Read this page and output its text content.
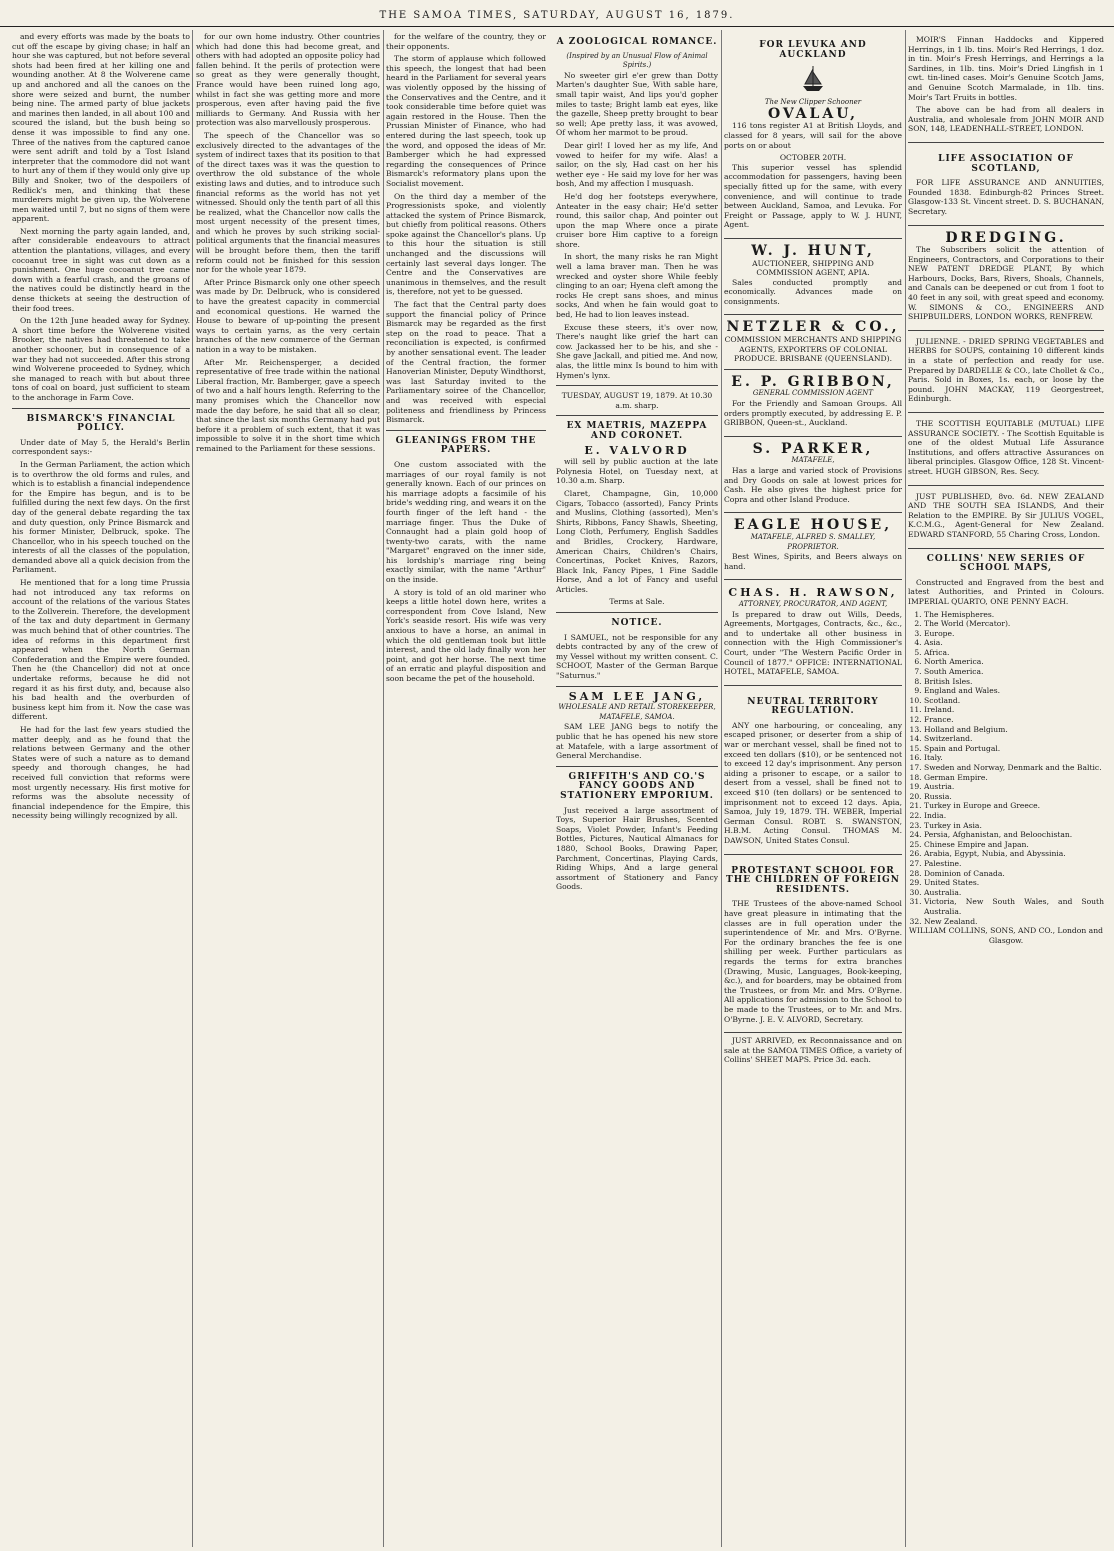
THE SAMOA TIMES, SATURDAY, AUGUST 16, 1879.

and every efforts was made by the boats to cut off the escape by giving chase; in half an hour she was captured, but not before several shots had been fired at her killing one and wounding another. At 8 the Wolverene came up and anchored and all the canoes on the shore were seized and burnt, the number being nine. The armed party of blue jackets and marines then landed, in all about 100 and scoured the island, but the bush being so dense it was impossible to find any one. Three of the natives from the captured canoe were sent adrift and told by a Tost Island interpreter that the commodore did not want to hurt any of them if they would only give up Billy and Snoker, two of the despoilers of Redlick's men, and thinking that these murderers might be given up, the Wolverene men waited until 7, but no signs of them were apparent.

Next morning the party again landed, and, after considerable endeavours to attract attention the plantations, villages, and every cocoanut tree in sight was cut down as a punishment. One huge cocoanut tree came down with a fearful crash, and the groans of the natives could be distinctly heard in the dense thickets at seeing the destruction of their food trees.

On the 12th June headed away for Sydney. A short time before the Wolverene visited Brooker, the natives had threatened to take another schooner, but in consequence of a war they had not succeeded. After this strong wind Wolverene proceeded to Sydney, which she managed to reach with but about three tons of coal on board, just sufficient to steam to the anchorage in Farm Cove.

BISMARCK'S FINANCIAL POLICY.

Under date of May 5, the Herald's Berlin correspondent says:-

In the German Parliament, the action which is to overthrow the old forms and rules, and which is to establish a financial independence for the Empire has begun, and is to be fulfilled during the next few days. On the first day of the general debate regarding the tax and duty question, only Prince Bismarck and his former Minister, Delbruck, spoke. The Chancellor, who in his speech touched on the interests of all the classes of the population, demanded above all a quick decision from the Parliament.

He mentioned that for a long time Prussia had not introduced any tax reforms on account of the relations of the various States to the Zollverein. Therefore, the development of the tax and duty department in Germany was much behind that of other countries. The idea of reforms in this department first appeared when the North German Confederation and the Empire were founded. Then he (the Chancellor) did not at once undertake reforms, because he did not regard it as his first duty, and, because also his bad health and the overburden of business kept him from it. Now the case was different.

He had for the last few years studied the matter deeply, and as he found that the relations between Germany and the other States were of such a nature as to demand speedy and thorough changes, he had received full conviction that reforms were most urgently necessary. His first motive for reforms was the absolute necessity of financial independence for the Empire, this necessity being willingly recognized by all.

for our own home industry. Other countries which had done this had become great, and others with had adopted an opposite policy had fallen behind. It the perils of protection were so great as they were generally thought, France would have been ruined long ago, whilst in fact she was getting more and more prosperous, even after having paid the five milliards to Germany. And Russia with her protection was also marvellously prosperous.

The speech of the Chancellor was so exclusively directed to the advantages of the system of indirect taxes that its position to that of the direct taxes was it was the question to overthrow the old substance of the whole existing laws and duties, and to introduce such financial reforms as the world has not yet witnessed. Should only the tenth part of all this be realized, what the Chancellor now calls the most urgent necessity of the present times, and which he proves by such striking social-political arguments that the financial measures will be brought before them, then the tariff reform could not be finished for this session nor for the whole year 1879.

After Prince Bismarck only one other speech was made by Dr. Delbruck, who is considered to have the greatest capacity in commercial and economical questions. He warned the House to beware of up-pointing the present ways to certain yarns, as the very certain branches of the new commerce of the German nation in a way to be mistaken.

After Mr. Reichensperger, a decided representative of free trade within the national Liberal fraction, Mr. Bamberger, gave a speech of two and a half hours length. Referring to the many promises which the Chancellor now made the day before, he said that all so clear, that since the last six months Germany had put before it a problem of such extent, that it was impossible to solve it in the short time which remained to the Parliament for these sessions.

for the welfare of the country, they or their opponents.

The storm of applause which followed this speech, the longest that had been heard in the Parliament for several years was violently opposed by the hissing of the Conservatives and the Centre, and it took considerable time before quiet was again restored in the House. Then the Prussian Minister of Finance, who had entered during the last speech, took up the word, and opposed the ideas of Mr. Bamberger which he had expressed regarding the consequences of Prince Bismarck's reformatory plans upon the Socialist movement.

On the third day a member of the Progressionists spoke, and violently attacked the system of Prince Bismarck, but chiefly from political reasons. Others spoke against the Chancellor's plans. Up to this hour the situation is still unchanged and the discussions will certainly last several days longer. The Centre and the Conservatives are unanimous in themselves, and the result is, therefore, not yet to be guessed.

The fact that the Central party does support the financial policy of Prince Bismarck may be regarded as the first step on the road to peace. That a reconciliation is expected, is confirmed by another sensational event. The leader of the Central fraction, the former Hanoverian Minister, Deputy Windthorst, was last Saturday invited to the Parliamentary soiree of the Chancellor, and was received with especial politeness and friendliness by Princess Bismarck.

GLEANINGS FROM THE PAPERS.

One custom associated with the marriages of our royal family is not generally known. Each of our princes on his marriage adopts a facsimile of his bride's wedding ring, and wears it on the fourth finger of the left hand - the marriage finger. Thus the Duke of Connaught had a plain gold hoop of twenty-two carats, with the name "Margaret" engraved on the inner side, his lordship's marriage ring being exactly similar, with the name "Arthur" on the inside.

A story is told of an old mariner who keeps a little hotel down here, writes a correspondent from Cove Island, New York's seaside resort. His wife was very anxious to have a horse, an animal in which the old gentleman took but little interest, and the old lady finally won her point, and got her horse. The next time of an erratic and playful disposition and soon became the pet of the household.

A ZOOLOGICAL ROMANCE.
(Inspired by an Unusual Flow of Animal Spirits.)

No sweeter girl e'er grew than Dotty Marten's daughter Sue, With sable hare, small tapir waist, And lips you'd gopher miles to taste; Bright lamb eat eyes, like the gazelle, Sheep pretty brought to bear so well; Ape pretty lass, it was avowed, Of whom her marmot to be proud.

Dear girl! I loved her as my life, And vowed to heifer for my wife. Alas! a sailor, on the sly, Had cast on her his wether eye - He said my love for her was bosh, And my affection I musquash.

He'd dog her footsteps everywhere, Anteater in the easy chair; He'd setter round, this sailor chap, And pointer out upon the map Where once a pirate cruiser bore Him captive to a foreign shore.

In short, the many risks he ran Might well a lama braver man. Then he was wrecked and oyster shore While feebly clinging to an oar; Hyena cleft among the rocks He crept sans shoes, and minus socks, And when he fain would goat to bed, He had to lion leaves instead.

Excuse these steers, it's over now, There's naught like grief the hart can cow. Jackassed her to be his, and she - She gave Jackall, and pitied me. And now, alas, the little minx Is bound to him with Hymen's lynx.

TUESDAY, AUGUST 19, 1879. At 10.30 a.m. sharp.
EX MAETRIS, MAZEPPA AND CORONET.
E. VALVORD

will sell by public auction at the late Polynesia Hotel, on Tuesday next, at 10.30 a.m. Sharp.

Claret, Champagne, Gin, 10,000 Cigars, Tobacco (assorted), Fancy Prints and Muslins, Clothing (assorted), Men's Shirts, Ribbons, Fancy Shawls, Sheeting, Long Cloth, Perfumery, English Saddles and Bridles, Crockery, Hardware, American Chairs, Children's Chairs, Concertinas, Pocket Knives, Razors, Black Ink, Fancy Pipes, 1 Fine Saddle Horse, And a lot of Fancy and useful Articles.

Terms at Sale.
NOTICE.

I SAMUEL, not be responsible for any debts contracted by any of the crew of my Vessel without my written consent. C. SCHOOT, Master of the German Barque "Saturnus."

SAM LEE JANG,
WHOLESALE AND RETAIL STOREKEEPER, MATAFELE, SAMOA.

SAM LEE JANG begs to notify the public that he has opened his new store at Matafele, with a large assortment of General Merchandise.

GRIFFITH'S AND CO.'S FANCY GOODS AND STATIONERY EMPORIUM.

Just received a large assortment of Toys, Superior Hair Brushes, Scented Soaps, Violet Powder, Infant's Feeding Bottles, Pictures, Nautical Almanacs for 1880, School Books, Drawing Paper, Parchment, Concertinas, Playing Cards, Riding Whips, And a large general assortment of Stationery and Fancy Goods.

FOR LEVUKA AND AUCKLAND
The New Clipper Schooner
OVALAU,

116 tons register A1 at British Lloyds, and classed for 8 years, will sail for the above ports on or about

OCTOBER 20TH.

This superior vessel has splendid accommodation for passengers, having been specially fitted up for the same, with every convenience, and will continue to trade between Auckland, Samoa, and Levuka. For Freight or Passage, apply to W. J. HUNT, Agent.

W. J. HUNT,
AUCTIONEER, SHIPPING AND COMMISSION AGENT, APIA.

Sales conducted promptly and economically. Advances made on consignments.

NETZLER & CO.,
COMMISSION MERCHANTS AND SHIPPING AGENTS, EXPORTERS OF COLONIAL PRODUCE. BRISBANE (QUEENSLAND).
E. P. GRIBBON,
GENERAL COMMISSION AGENT

For the Friendly and Samoan Groups. All orders promptly executed, by addressing E. P. GRIBBON, Queen-st., Auckland.

S. PARKER,
MATAFELE,

Has a large and varied stock of Provisions and Dry Goods on sale at lowest prices for Cash. He also gives the highest price for Copra and other Island Produce.

EAGLE HOUSE,
MATAFELE, ALFRED S. SMALLEY, PROPRIETOR.

Best Wines, Spirits, and Beers always on hand.

CHAS. H. RAWSON,
ATTORNEY, PROCURATOR, AND AGENT,

Is prepared to draw out Wills, Deeds, Agreements, Mortgages, Contracts, &c., &c., and to undertake all other business in connection with the High Commissioner's Court, under "The Western Pacific Order in Council of 1877." OFFICE: INTERNATIONAL HOTEL, MATAFELE, SAMOA.

NEUTRAL TERRITORY REGULATION.

ANY one harbouring, or concealing, any escaped prisoner, or deserter from a ship of war or merchant vessel, shall be fined not to exceed ten dollars ($10), or be sentenced not to exceed 12 day's imprisonment. Any person aiding a prisoner to escape, or a sailor to desert from a vessel, shall be fined not to exceed $10 (ten dollars) or be sentenced to imprisonment not to exceed 12 days. Apia, Samoa, July 19, 1879. TH. WEBER, Imperial German Consul. ROBT. S. SWANSTON, H.B.M. Acting Consul. THOMAS M. DAWSON, United States Consul.

PROTESTANT SCHOOL FOR THE CHILDREN OF FOREIGN RESIDENTS.

THE Trustees of the above-named School have great pleasure in intimating that the classes are in full operation under the superintendence of Mr. and Mrs. O'Byrne. For the ordinary branches the fee is one shilling per week. Further particulars as regards the terms for extra branches (Drawing, Music, Languages, Book-keeping, &c.), and for boarders, may be obtained from the Trustees, or from Mr. and Mrs. O'Byrne. All applications for admission to the School to be made to the Trustees, or to Mr. and Mrs. O'Byrne. J. E. V. ALVORD, Secretary.

JUST ARRIVED, ex Reconnaissance and on sale at the SAMOA TIMES Office, a variety of Collins' SHEET MAPS. Price 3d. each.

MOIR'S Finnan Haddocks and Kippered Herrings, in 1 lb. tins. Moir's Red Herrings, 1 doz. in tin. Moir's Fresh Herrings, and Herrings a la Sardines, in 1lb. tins. Moir's Dried Lingfish in 1 cwt. tin-lined cases. Moir's Genuine Scotch Jams, and Genuine Scotch Marmalade, in 1lb. tins. Moir's Tart Fruits in bottles.

The above can be had from all dealers in Australia, and wholesale from JOHN MOIR AND SON, 148, LEADENHALL-STREET, LONDON.

LIFE ASSOCIATION OF SCOTLAND,

FOR LIFE ASSURANCE AND ANNUITIES, Founded 1838. Edinburgh-82 Princes Street. Glasgow-133 St. Vincent street. D. S. BUCHANAN, Secretary.

DREDGING.

The Subscribers solicit the attention of Engineers, Contractors, and Corporations to their NEW PATENT DREDGE PLANT, By which Harbours, Docks, Bars, Rivers, Shoals, Channels, and Canals can be deepened or cut from 1 foot to 40 feet in any soil, with great speed and economy. W. SIMONS & CO., ENGINEERS AND SHIPBUILDERS, LONDON WORKS, RENFREW.

JULIENNE. - DRIED SPRING VEGETABLES and HERBS for SOUPS, containing 10 different kinds in a state of perfection and ready for use. Prepared by DARDELLE & CO., late Chollet & Co., Paris. Sold in Boxes, 1s. each, or loose by the pound. JOHN MACKAY, 119 Georgestreet, Edinburgh.

THE SCOTTISH EQUITABLE (MUTUAL) LIFE ASSURANCE SOCIETY. - The Scottish Equitable is one of the oldest Mutual Life Assurance Institutions, and offers attractive Assurances on liberal principles. Glasgow Office, 128 St. Vincent-street. HUGH GIBSON, Res. Secy.

JUST PUBLISHED, 8vo. 6d. NEW ZEALAND AND THE SOUTH SEA ISLANDS, And their Relation to the EMPIRE. By Sir JULIUS VOGEL, K.C.M.G., Agent-General for New Zealand. EDWARD STANFORD, 55 Charing Cross, London.

COLLINS' NEW SERIES OF SCHOOL MAPS,

Constructed and Engraved from the best and latest Authorities, and Printed in Colours. IMPERIAL QUARTO, ONE PENNY EACH.

1. The Hemispheres.
2. The World (Mercator).
3. Europe.
4. Asia.
5. Africa.
6. North America.
7. South America.
8. British Isles.
9. England and Wales.
10. Scotland.
11. Ireland.
12. France.
13. Holland and Belgium.
14. Switzerland.
15. Spain and Portugal.
16. Italy.
17. Sweden and Norway, Denmark and the Baltic.
18. German Empire.
19. Austria.
20. Russia.
21. Turkey in Europe and Greece.
22. India.
23. Turkey in Asia.
24. Persia, Afghanistan, and Beloochistan.
25. Chinese Empire and Japan.
26. Arabia, Egypt, Nubia, and Abyssinia.
27. Palestine.
28. Dominion of Canada.
29. United States.
30. Australia.
31. Victoria, New South Wales, and South Australia.
32. New Zealand.
WILLIAM COLLINS, SONS, AND CO., London and Glasgow.
